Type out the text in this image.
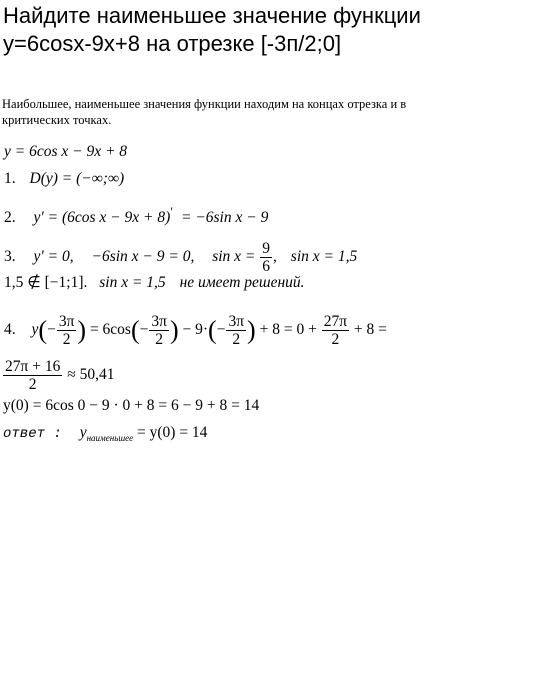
Найдите наименьшее значение функции
y=6cosx-9x+8 на отрезке [-3п/2;0]
Наибольшее, наименьшее значения функции находим на концах отрезка и в критических точках.
y = 6cos x − 9x + 8
1. D(y) = (−∞;∞)
2. y′ = (6cos x − 9x + 8)′ = −6sin x − 9
3. y′ = 0, −6sin x − 9 = 0, $\sin x = \frac{9}{6}$ , sin x = 1,5
1,5 ∉ [−1;1]. sin x = 1,5 не имеет решений.
4. $y(- \frac{3\pi}{2}$ ) = $6\cos(- \frac{3\pi}{2}$ ) − $9\cdot(- \frac{3\pi}{2}$ ) + $8 = 0 + \frac{27\pi}{2} + 8$ =
$\frac{27\pi + 16}{2} \approx 50,41$
y(0) = 6cos 0 − 9 · 0 + 8 = 6 − 9 + 8 = 14
ответ : $y_{наименьшее} = y(0) = 14$
